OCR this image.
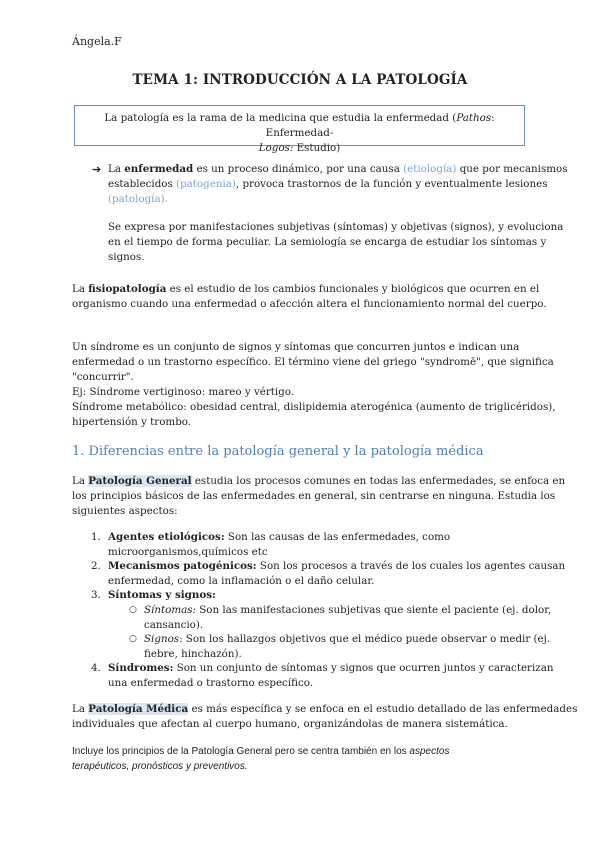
Ángela.F
TEMA 1: INTRODUCCIÓN A LA PATOLOGÍA
La patología es la rama de la medicina que estudia la enfermedad (Pathos: Enfermedad-
Logos: Estudio)
➔ La enfermedad es un proceso dinámico, por una causa (etiología) que por mecanismos
establecidos (patogenia), provoca trastornos de la función y eventualmente lesiones
(patología).
Se expresa por manifestaciones subjetivas (síntomas) y objetivas (signos), y evoluciona
en el tiempo de forma peculiar. La semiología se encarga de estudiar los síntomas y
signos.
La fisiopatología es el estudio de los cambios funcionales y biológicos que ocurren en el
organismo cuando una enfermedad o afección altera el funcionamiento normal del cuerpo.
Un síndrome es un conjunto de signos y síntomas que concurren juntos e indican una
enfermedad o un trastorno específico. El término viene del griego "syndromē", que significa
"concurrir".
Ej: Síndrome vertiginoso: mareo y vértigo.
Síndrome metabólico: obesidad central, dislipidemia aterogénica (aumento de triglicéridos),
hipertensión y trombo.
1. Diferencias entre la patología general y la patología médica
La Patología General estudia los procesos comunes en todas las enfermedades, se enfoca en
los principios básicos de las enfermedades en general, sin centrarse en ninguna. Estudia los
siguientes aspectos:
1. Agentes etiológicos: Son las causas de las enfermedades, como
microorganismos,químicos etc
2. Mecanismos patogénicos: Son los procesos a través de los cuales los agentes causan
enfermedad, como la inflamación o el daño celular.
3. Síntomas y signos:
○ Síntomas: Son las manifestaciones subjetivas que siente el paciente (ej. dolor,
cansancio).
○ Signos: Son los hallazgos objetivos que el médico puede observar o medir (ej.
fiebre, hinchazón).
4. Síndromes: Son un conjunto de síntomas y signos que ocurren juntos y caracterizan
una enfermedad o trastorno específico.
La Patología Médica es más específica y se enfoca en el estudio detallado de las enfermedades
individuales que afectan al cuerpo humano, organizándolas de manera sistemática.
Incluye los principios de la Patología General pero se centra también en los aspectos
terapéuticos, pronósticos y preventivos.
